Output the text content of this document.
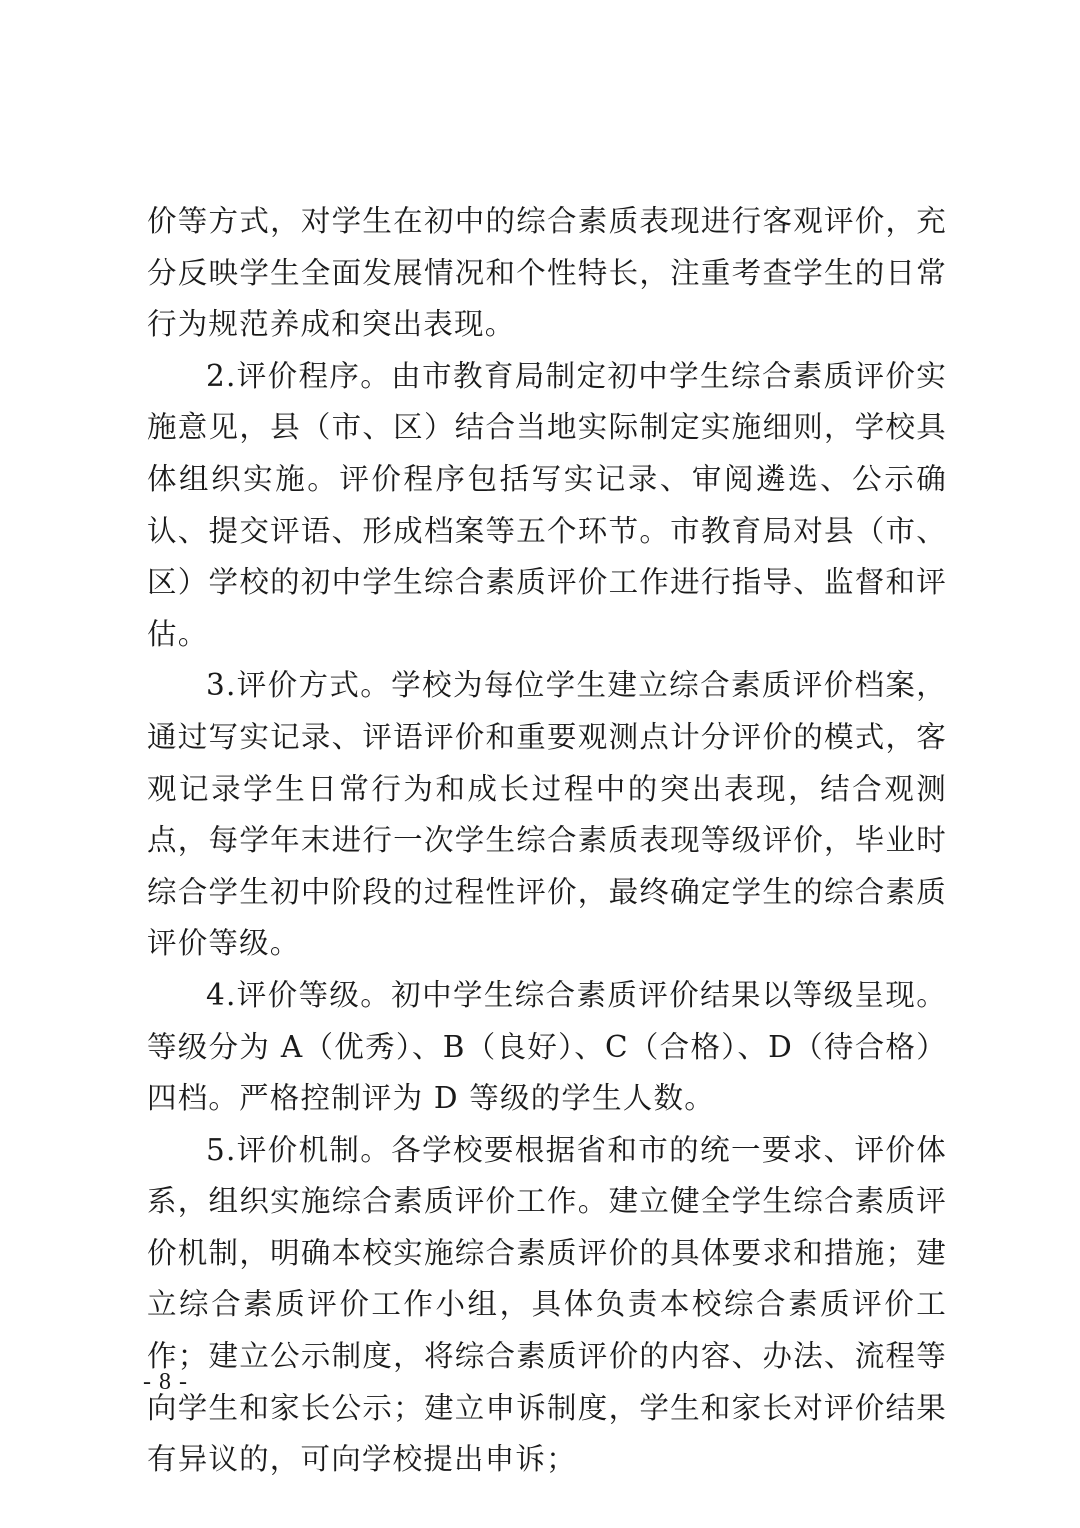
价等方式，对学生在初中的综合素质表现进行客观评价，充分反映学生全面发展情况和个性特长，注重考查学生的日常行为规范养成和突出表现。

2.评价程序。由市教育局制定初中学生综合素质评价实施意见，县（市、区）结合当地实际制定实施细则，学校具体组织实施。评价程序包括写实记录、审阅遴选、公示确认、提交评语、形成档案等五个环节。市教育局对县（市、区）学校的初中学生综合素质评价工作进行指导、监督和评估。

3.评价方式。学校为每位学生建立综合素质评价档案，通过写实记录、评语评价和重要观测点计分评价的模式，客观记录学生日常行为和成长过程中的突出表现，结合观测点，每学年末进行一次学生综合素质表现等级评价，毕业时综合学生初中阶段的过程性评价，最终确定学生的综合素质评价等级。

4.评价等级。初中学生综合素质评价结果以等级呈现。等级分为 A（优秀）、B（良好）、C（合格）、D（待合格）四档。严格控制评为 D 等级的学生人数。

5.评价机制。各学校要根据省和市的统一要求、评价体系，组织实施综合素质评价工作。建立健全学生综合素质评价机制，明确本校实施综合素质评价的具体要求和措施；建立综合素质评价工作小组，具体负责本校综合素质评价工作；建立公示制度，将综合素质评价的内容、办法、流程等向学生和家长公示；建立申诉制度，学生和家长对评价结果有异议的，可向学校提出申诉；

- 8 -
